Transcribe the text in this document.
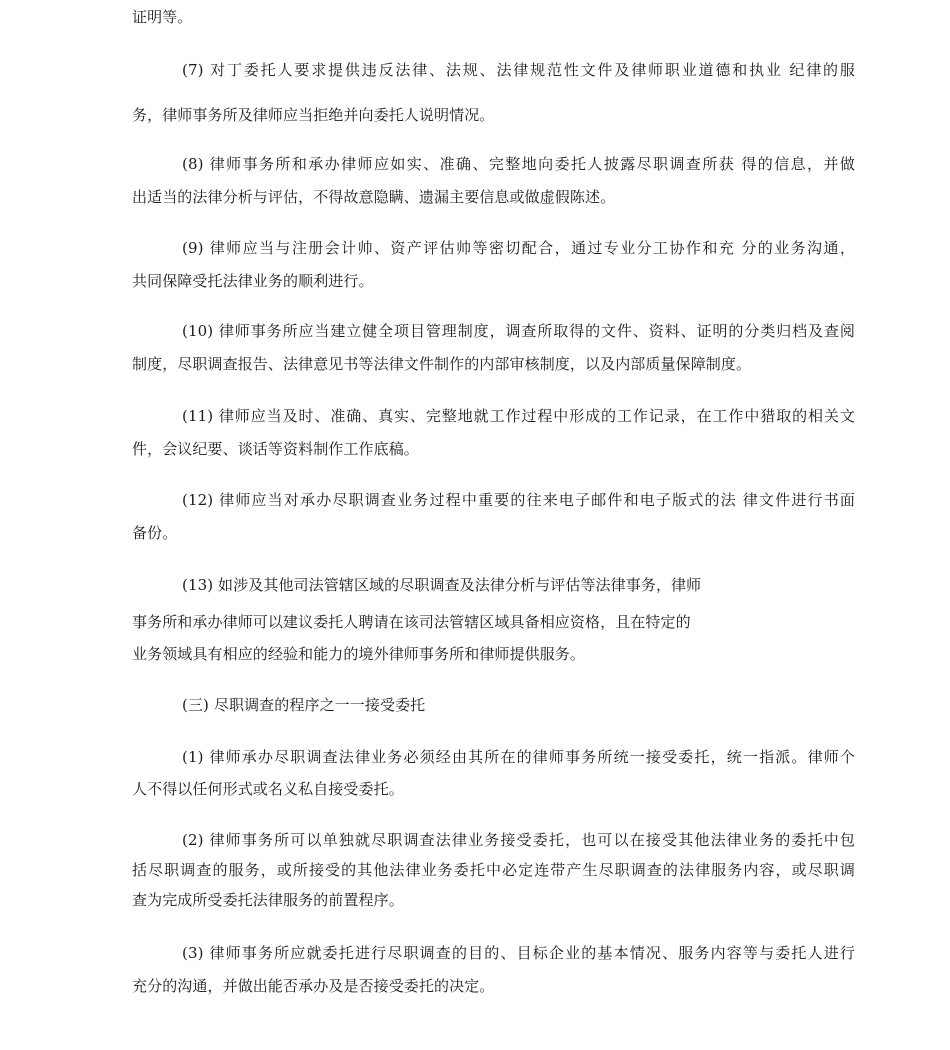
证明等。
(7) 对丁委托人要求提供违反法律、法规、法律规范性文件及律师职业道德和执业 纪律的服
务，律师事务所及律师应当拒绝并向委托人说明情况。
(8) 律师事务所和承办律师应如实、准确、完整地向委托人披露尽职调查所获 得的信息，并做
出适当的法律分析与评估，不得故意隐瞒、遗漏主要信息或做虚假陈述。
(9) 律师应当与注册会计帅、资产评估帅等密切配合，通过专业分工协作和充 分的业务沟通，
共同保障受托法律业务的顺利进行。
(10) 律师事务所应当建立健全项目管理制度，调查所取得的文件、资料、证明的分类归档及查阅
制度，尽职调查报告、法律意见书等法律文件制作的内部审核制度，以及内部质量保障制度。
(11) 律师应当及时、准确、真实、完整地就工作过程中形成的工作记录，在工作中猎取的相关文
件，会议纪要、谈话等资料制作工作底稿。
(12) 律师应当对承办尽职调查业务过程中重要的往来电子邮件和电子版式的法 律文件进行书面
备份。
(13) 如涉及其他司法管辖区域的尽职调查及法律分析与评估等法律事务，律师
事务所和承办律师可以建议委托人聘请在该司法管辖区域具备相应资格，且在特定的
业务领域具有相应的经验和能力的境外律师事务所和律师提供服务。
(三) 尽职调查的程序之一一接受委托
(1) 律师承办尽职调查法律业务必须经由其所在的律师事务所统一接受委托，统一指派。律师个
人不得以任何形式或名义私自接受委托。
(2) 律师事务所可以单独就尽职调查法律业务接受委托，也可以在接受其他法律业务的委托中包
括尽职调查的服务，或所接受的其他法律业务委托中必定连带产生尽职调查的法律服务内容，或尽职调
查为完成所受委托法律服务的前置程序。
(3) 律师事务所应就委托进行尽职调查的目的、目标企业的基本情况、服务内容等与委托人进行
充分的沟通，并做出能否承办及是否接受委托的决定。
